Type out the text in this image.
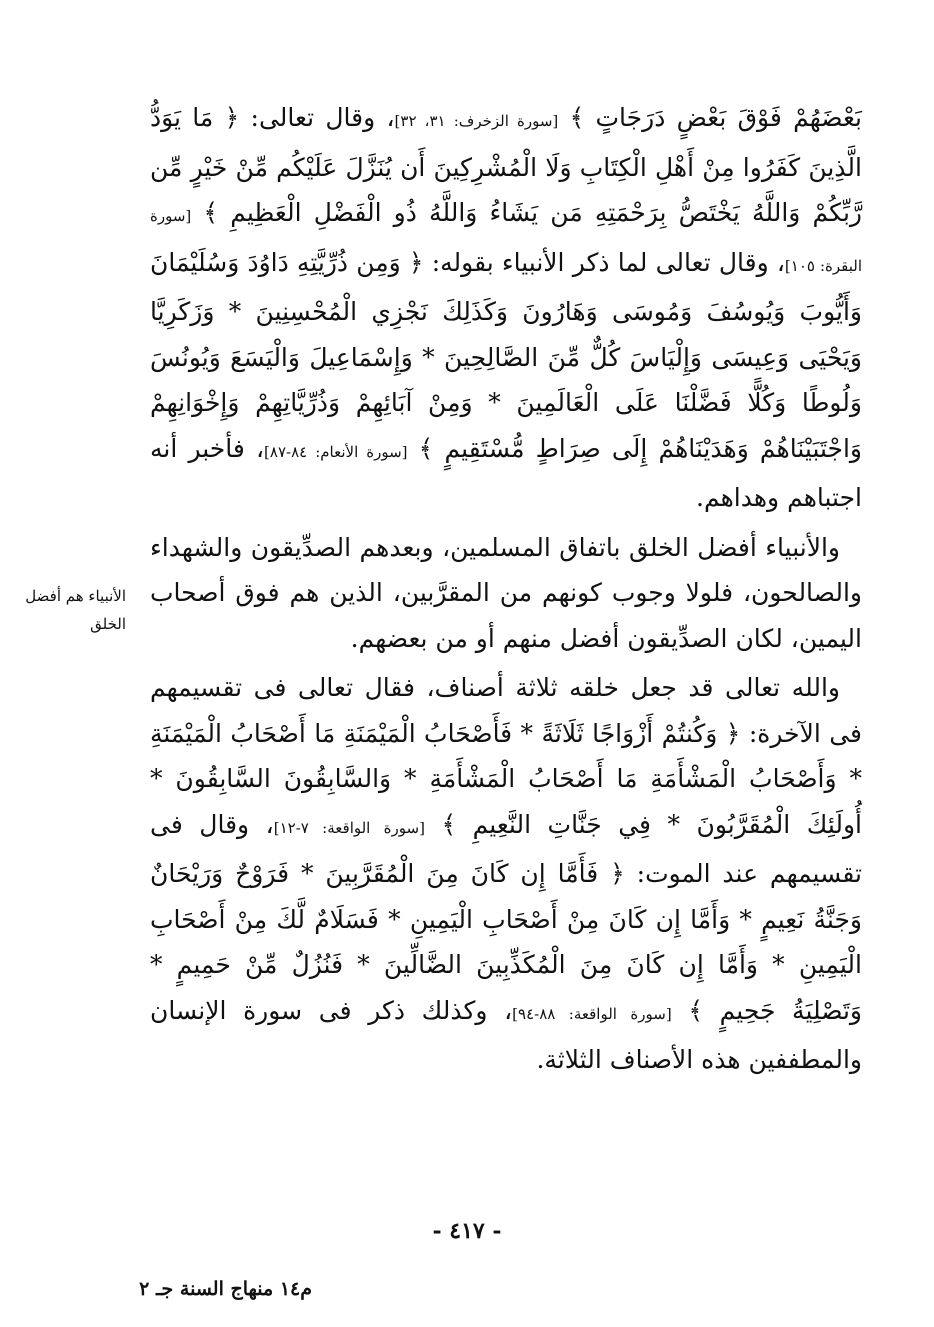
بَعْضَهُمْ فَوْقَ بَعْضٍ دَرَجَاتٍ ﴾ [سورة الزخرف: ٣١، ٣٢]، وقال تعالى: ﴿ مَا يَوَدُّ الَّذِينَ كَفَرُوا مِنْ أَهْلِ الْكِتَابِ وَلَا الْمُشْرِكِينَ أَن يُنَزَّلَ عَلَيْكُم مِّنْ خَيْرٍ مِّن رَّبِّكُمْ وَاللَّهُ يَخْتَصُّ بِرَحْمَتِهِ مَن يَشَاءُ وَاللَّهُ ذُو الْفَضْلِ الْعَظِيمِ ﴾ [سورة البقرة: ١٠٥]، وقال تعالى لما ذكر الأنبياء بقوله: ﴿ وَمِن ذُرِّيَّتِهِ دَاوُدَ وَسُلَيْمَانَ وَأَيُّوبَ وَيُوسُفَ وَمُوسَى وَهَارُونَ وَكَذَلِكَ نَجْزِي الْمُحْسِنِينَ * وَزَكَرِيَّا وَيَحْيَى وَعِيسَى وَإِلْيَاسَ كُلٌّ مِّنَ الصَّالِحِينَ * وَإِسْمَاعِيلَ وَالْيَسَعَ وَيُونُسَ وَلُوطًا وَكُلًّا فَضَّلْنَا عَلَى الْعَالَمِينَ * وَمِنْ آبَائِهِمْ وَذُرِّيَّاتِهِمْ وَإِخْوَانِهِمْ وَاجْتَبَيْنَاهُمْ وَهَدَيْنَاهُمْ إِلَى صِرَاطٍ مُّسْتَقِيمٍ ﴾ [سورة الأنعام: ٨٤-٨٧]، فأخبر أنه اجتباهم وهداهم.

والأنبياء أفضل الخلق باتفاق المسلمين، وبعدهم الصدِّيقون والشهداء والصالحون، فلولا وجوب كونهم من المقرَّبين، الذين هم فوق أصحاب اليمين، لكان الصدِّيقون أفضل منهم أو من بعضهم.

والله تعالى قد جعل خلقه ثلاثة أصناف، فقال تعالى فى تقسيمهم فى الآخرة: ﴿ وَكُنتُمْ أَزْوَاجًا ثَلَاثَةً * فَأَصْحَابُ الْمَيْمَنَةِ مَا أَصْحَابُ الْمَيْمَنَةِ * وَأَصْحَابُ الْمَشْأَمَةِ مَا أَصْحَابُ الْمَشْأَمَةِ * وَالسَّابِقُونَ السَّابِقُونَ * أُولَئِكَ الْمُقَرَّبُونَ * فِي جَنَّاتِ النَّعِيمِ ﴾ [سورة الواقعة: ٧-١٢]، وقال فى تقسيمهم عند الموت: ﴿ فَأَمَّا إِن كَانَ مِنَ الْمُقَرَّبِينَ * فَرَوْحٌ وَرَيْحَانٌ وَجَنَّةُ نَعِيمٍ * وَأَمَّا إِن كَانَ مِنْ أَصْحَابِ الْيَمِينِ * فَسَلَامٌ لَّكَ مِنْ أَصْحَابِ الْيَمِينِ * وَأَمَّا إِن كَانَ مِنَ الْمُكَذِّبِينَ الضَّالِّينَ * فَنُزُلٌ مِّنْ حَمِيمٍ * وَتَصْلِيَةُ جَحِيمٍ ﴾ [سورة الواقعة: ٨٨-٩٤]، وكذلك ذكر فى سورة الإنسان والمطففين هذه الأصناف الثلاثة.

الأنبياء هم أفضل الخلق
- ٤١٧ -
م١٤ منهاج السنة جـ ٢
